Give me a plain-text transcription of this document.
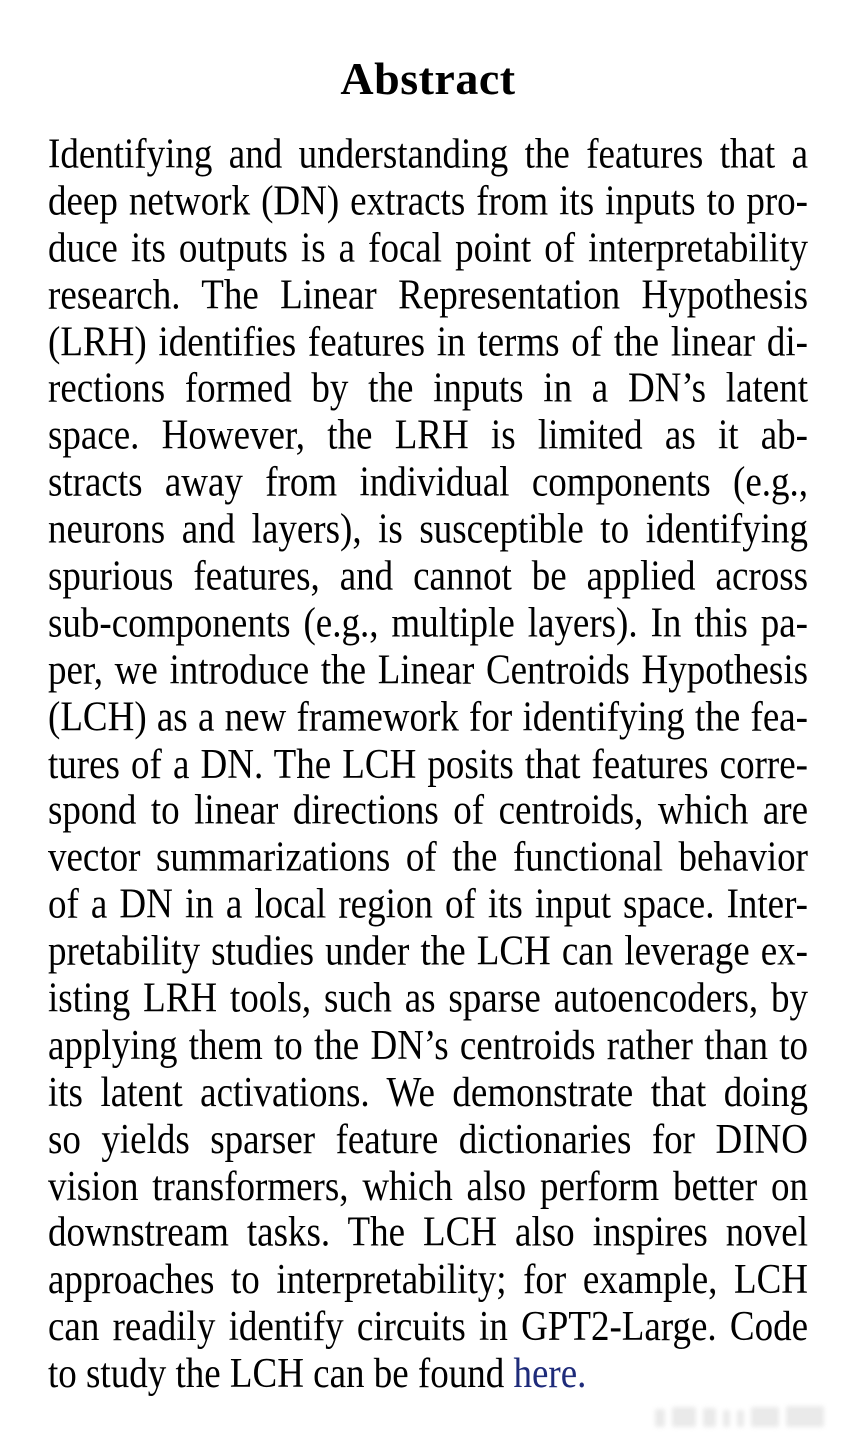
Abstract
Identifying and understanding the features that a
deep network (DN) extracts from its inputs to pro-
duce its outputs is a focal point of interpretability
research. The Linear Representation Hypothesis
(LRH) identifies features in terms of the linear di-
rections formed by the inputs in a DN’s latent
space. However, the LRH is limited as it ab-
stracts away from individual components (e.g.,
neurons and layers), is susceptible to identifying
spurious features, and cannot be applied across
sub-components (e.g., multiple layers). In this pa-
per, we introduce the Linear Centroids Hypothesis
(LCH) as a new framework for identifying the fea-
tures of a DN. The LCH posits that features corre-
spond to linear directions of centroids, which are
vector summarizations of the functional behavior
of a DN in a local region of its input space. Inter-
pretability studies under the LCH can leverage ex-
isting LRH tools, such as sparse autoencoders, by
applying them to the DN’s centroids rather than to
its latent activations. We demonstrate that doing
so yields sparser feature dictionaries for DINO
vision transformers, which also perform better on
downstream tasks. The LCH also inspires novel
approaches to interpretability; for example, LCH
can readily identify circuits in GPT2-Large. Code
to study the LCH can be found here.
